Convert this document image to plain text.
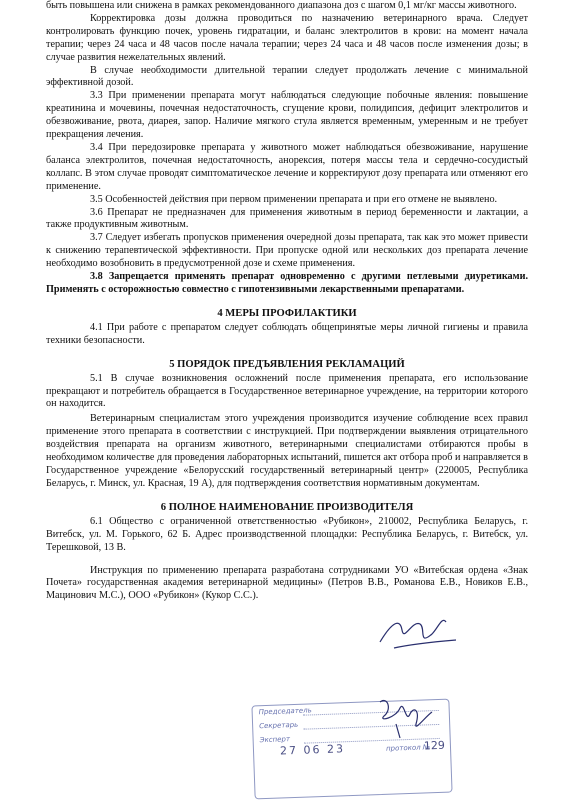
быть повышена или снижена в рамках рекомендованного диапазона доз с шагом 0,1 мг/кг массы животного.

Корректировка дозы должна проводиться по назначению ветеринарного врача. Следует контролировать функцию почек, уровень гидратации, и баланс электролитов в крови: на момент начала терапии; через 24 часа и 48 часов после начала терапии; через 24 часа и 48 часов после изменения дозы; в случае развития нежелательных явлений.

В случае необходимости длительной терапии следует продолжать лечение с минимальной эффективной дозой.

3.3 При применении препарата могут наблюдаться следующие побочные явления: повышение креатинина и мочевины, почечная недостаточность, сгущение крови, полидипсия, дефицит электролитов и обезвоживание, рвота, диарея, запор. Наличие мягкого стула является временным, умеренным и не требует прекращения лечения.

3.4 При передозировке препарата у животного может наблюдаться обезвоживание, нарушение баланса электролитов, почечная недостаточность, анорексия, потеря массы тела и сердечно-сосудистый коллапс. В этом случае проводят симптоматическое лечение и корректируют дозу препарата или отменяют его применение.

3.5 Особенностей действия при первом применении препарата и при его отмене не выявлено.

3.6 Препарат не предназначен для применения животным в период беременности и лактации, а также продуктивным животным.

3.7 Следует избегать пропусков применения очередной дозы препарата, так как это может привести к снижению терапевтической эффективности. При пропуске одной или нескольких доз препарата лечение необходимо возобновить в предусмотренной дозе и схеме применения.

3.8 Запрещается применять препарат одновременно с другими петлевыми диуретиками. Применять с осторожностью совместно с гипотензивными лекарственными препаратами.

4 МЕРЫ ПРОФИЛАКТИКИ

4.1 При работе с препаратом следует соблюдать общепринятые меры личной гигиены и правила техники безопасности.

5 ПОРЯДОК ПРЕДЪЯВЛЕНИЯ РЕКЛАМАЦИЙ

5.1 В случае возникновения осложнений после применения препарата, его использование прекращают и потребитель обращается в Государственное ветеринарное учреждение, на территории которого он находится.

Ветеринарным специалистам этого учреждения производится изучение соблюдение всех правил применение этого препарата в соответствии с инструкцией. При подтверждении выявления отрицательного воздействия препарата на организм животного, ветеринарными специалистами отбираются пробы в необходимом количестве для проведения лабораторных испытаний, пишется акт отбора проб и направляется в Государственное учреждение «Белорусский государственный ветеринарный центр» (220005, Республика Беларусь, г. Минск, ул. Красная, 19 А), для подтверждения соответствия нормативным документам.

6 ПОЛНОЕ НАИМЕНОВАНИЕ ПРОИЗВОДИТЕЛЯ

6.1 Общество с ограниченной ответственностью «Рубикон», 210002, Республика Беларусь, г. Витебск, ул. М. Горького, 62 Б. Адрес производственной площадки: Республика Беларусь, г. Витебск, ул. Терешковой, 13 В.

Инструкция по применению препарата разработана сотрудниками УО «Витебская ордена «Знак Почета» государственная академия ветеринарной медицины» (Петров В.В., Романова Е.В., Новиков Е.В., Мацинович М.С.), ООО «Рубикон» (Кукор С.С.).

Председатель
Секретарь
Эксперт
27 06 23	протокол №
129
